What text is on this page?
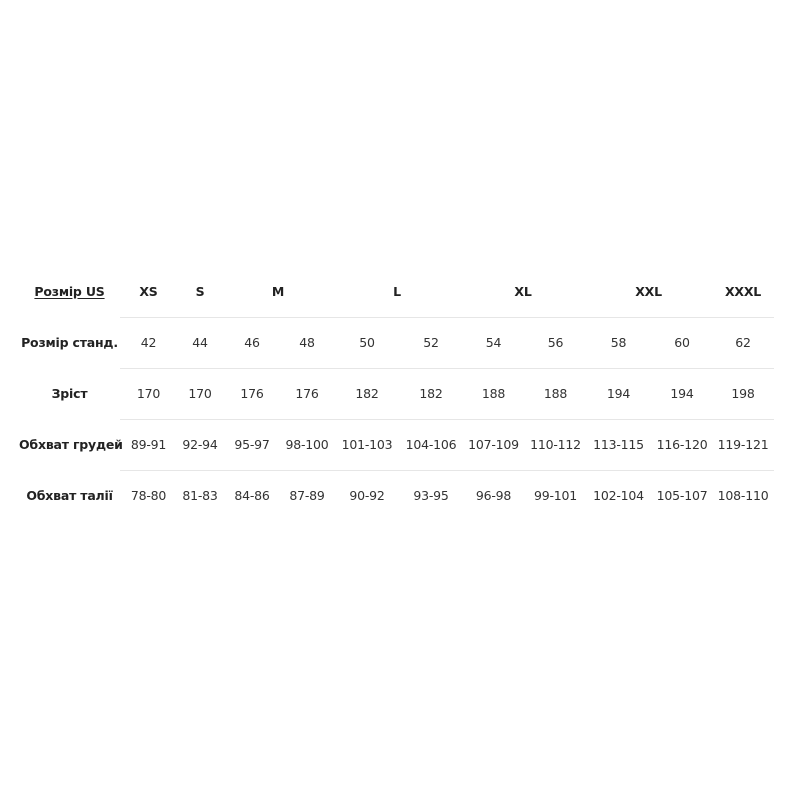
Розмір US	XS	S	M		L		XL		XXL		XXXL
Розмір станд.	42	44	46	48	50	52	54	56	58	60	62
Зріст	170	170	176	176	182	182	188	188	194	194	198
Обхват грудей	89-91	92-94	95-97	98-100	101-103	104-106	107-109	110-112	113-115	116-120	119-121
Обхват талії	78-80	81-83	84-86	87-89	90-92	93-95	96-98	99-101	102-104	105-107	108-110
